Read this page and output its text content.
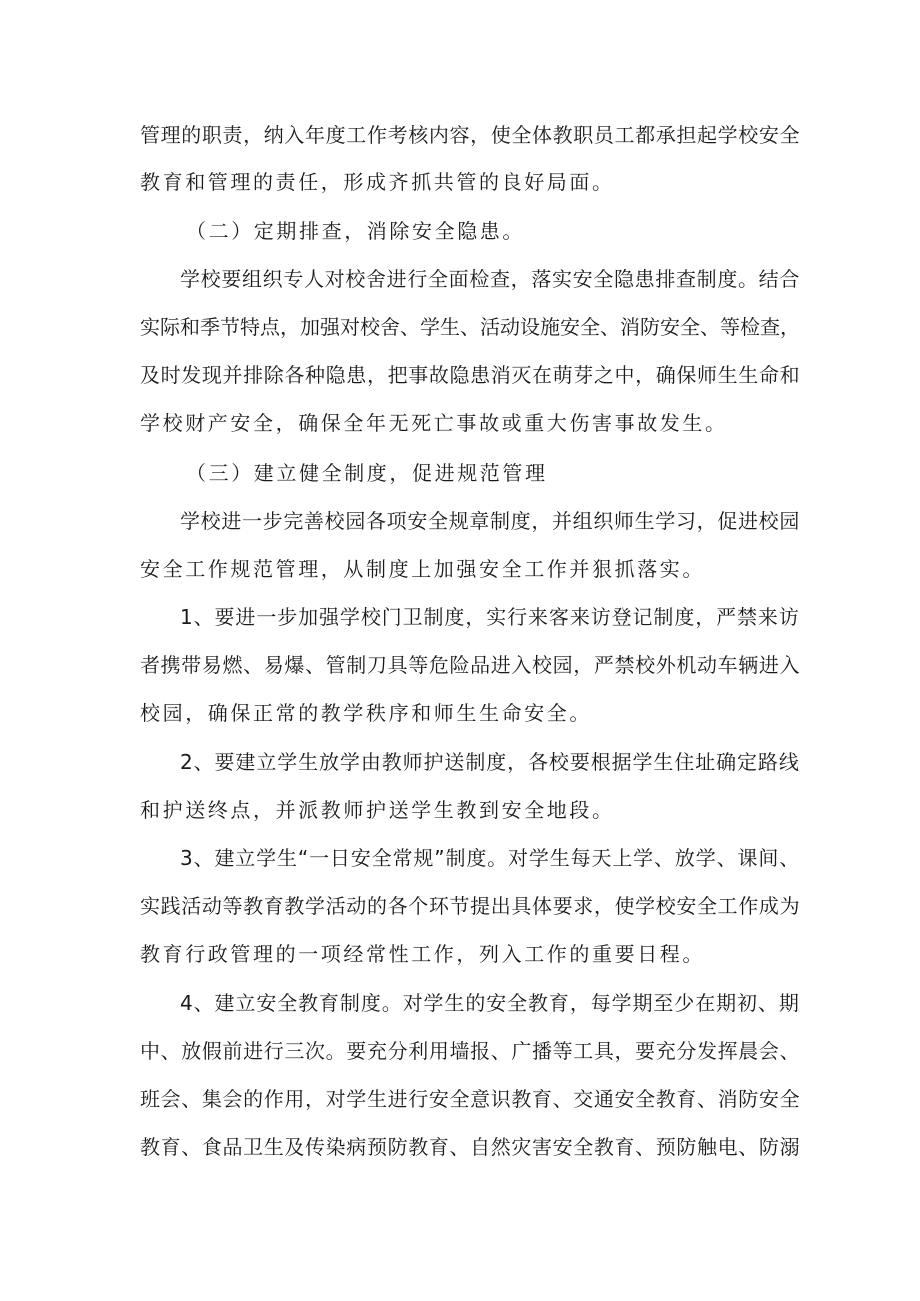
管理的职责，纳入年度工作考核内容，使全体教职员工都承担起学校安全

教育和管理的责任，形成齐抓共管的良好局面。

（二）定期排查，消除安全隐患。

学校要组织专人对校舍进行全面检查，落实安全隐患排查制度。结合

实际和季节特点，加强对校舍、学生、活动设施安全、消防安全、等检查，

及时发现并排除各种隐患，把事故隐患消灭在萌芽之中，确保师生生命和

学校财产安全，确保全年无死亡事故或重大伤害事故发生。

（三）建立健全制度，促进规范管理

学校进一步完善校园各项安全规章制度，并组织师生学习，促进校园

安全工作规范管理，从制度上加强安全工作并狠抓落实。

1、要进一步加强学校门卫制度，实行来客来访登记制度，严禁来访

者携带易燃、易爆、管制刀具等危险品进入校园，严禁校外机动车辆进入

校园，确保正常的教学秩序和师生生命安全。

2、要建立学生放学由教师护送制度，各校要根据学生住址确定路线

和护送终点，并派教师护送学生教到安全地段。

3、建立学生“一日安全常规”制度。对学生每天上学、放学、课间、

实践活动等教育教学活动的各个环节提出具体要求，使学校安全工作成为

教育行政管理的一项经常性工作，列入工作的重要日程。

4、建立安全教育制度。对学生的安全教育，每学期至少在期初、期

中、放假前进行三次。要充分利用墙报、广播等工具，要充分发挥晨会、

班会、集会的作用，对学生进行安全意识教育、交通安全教育、消防安全

教育、食品卫生及传染病预防教育、自然灾害安全教育、预防触电、防溺
